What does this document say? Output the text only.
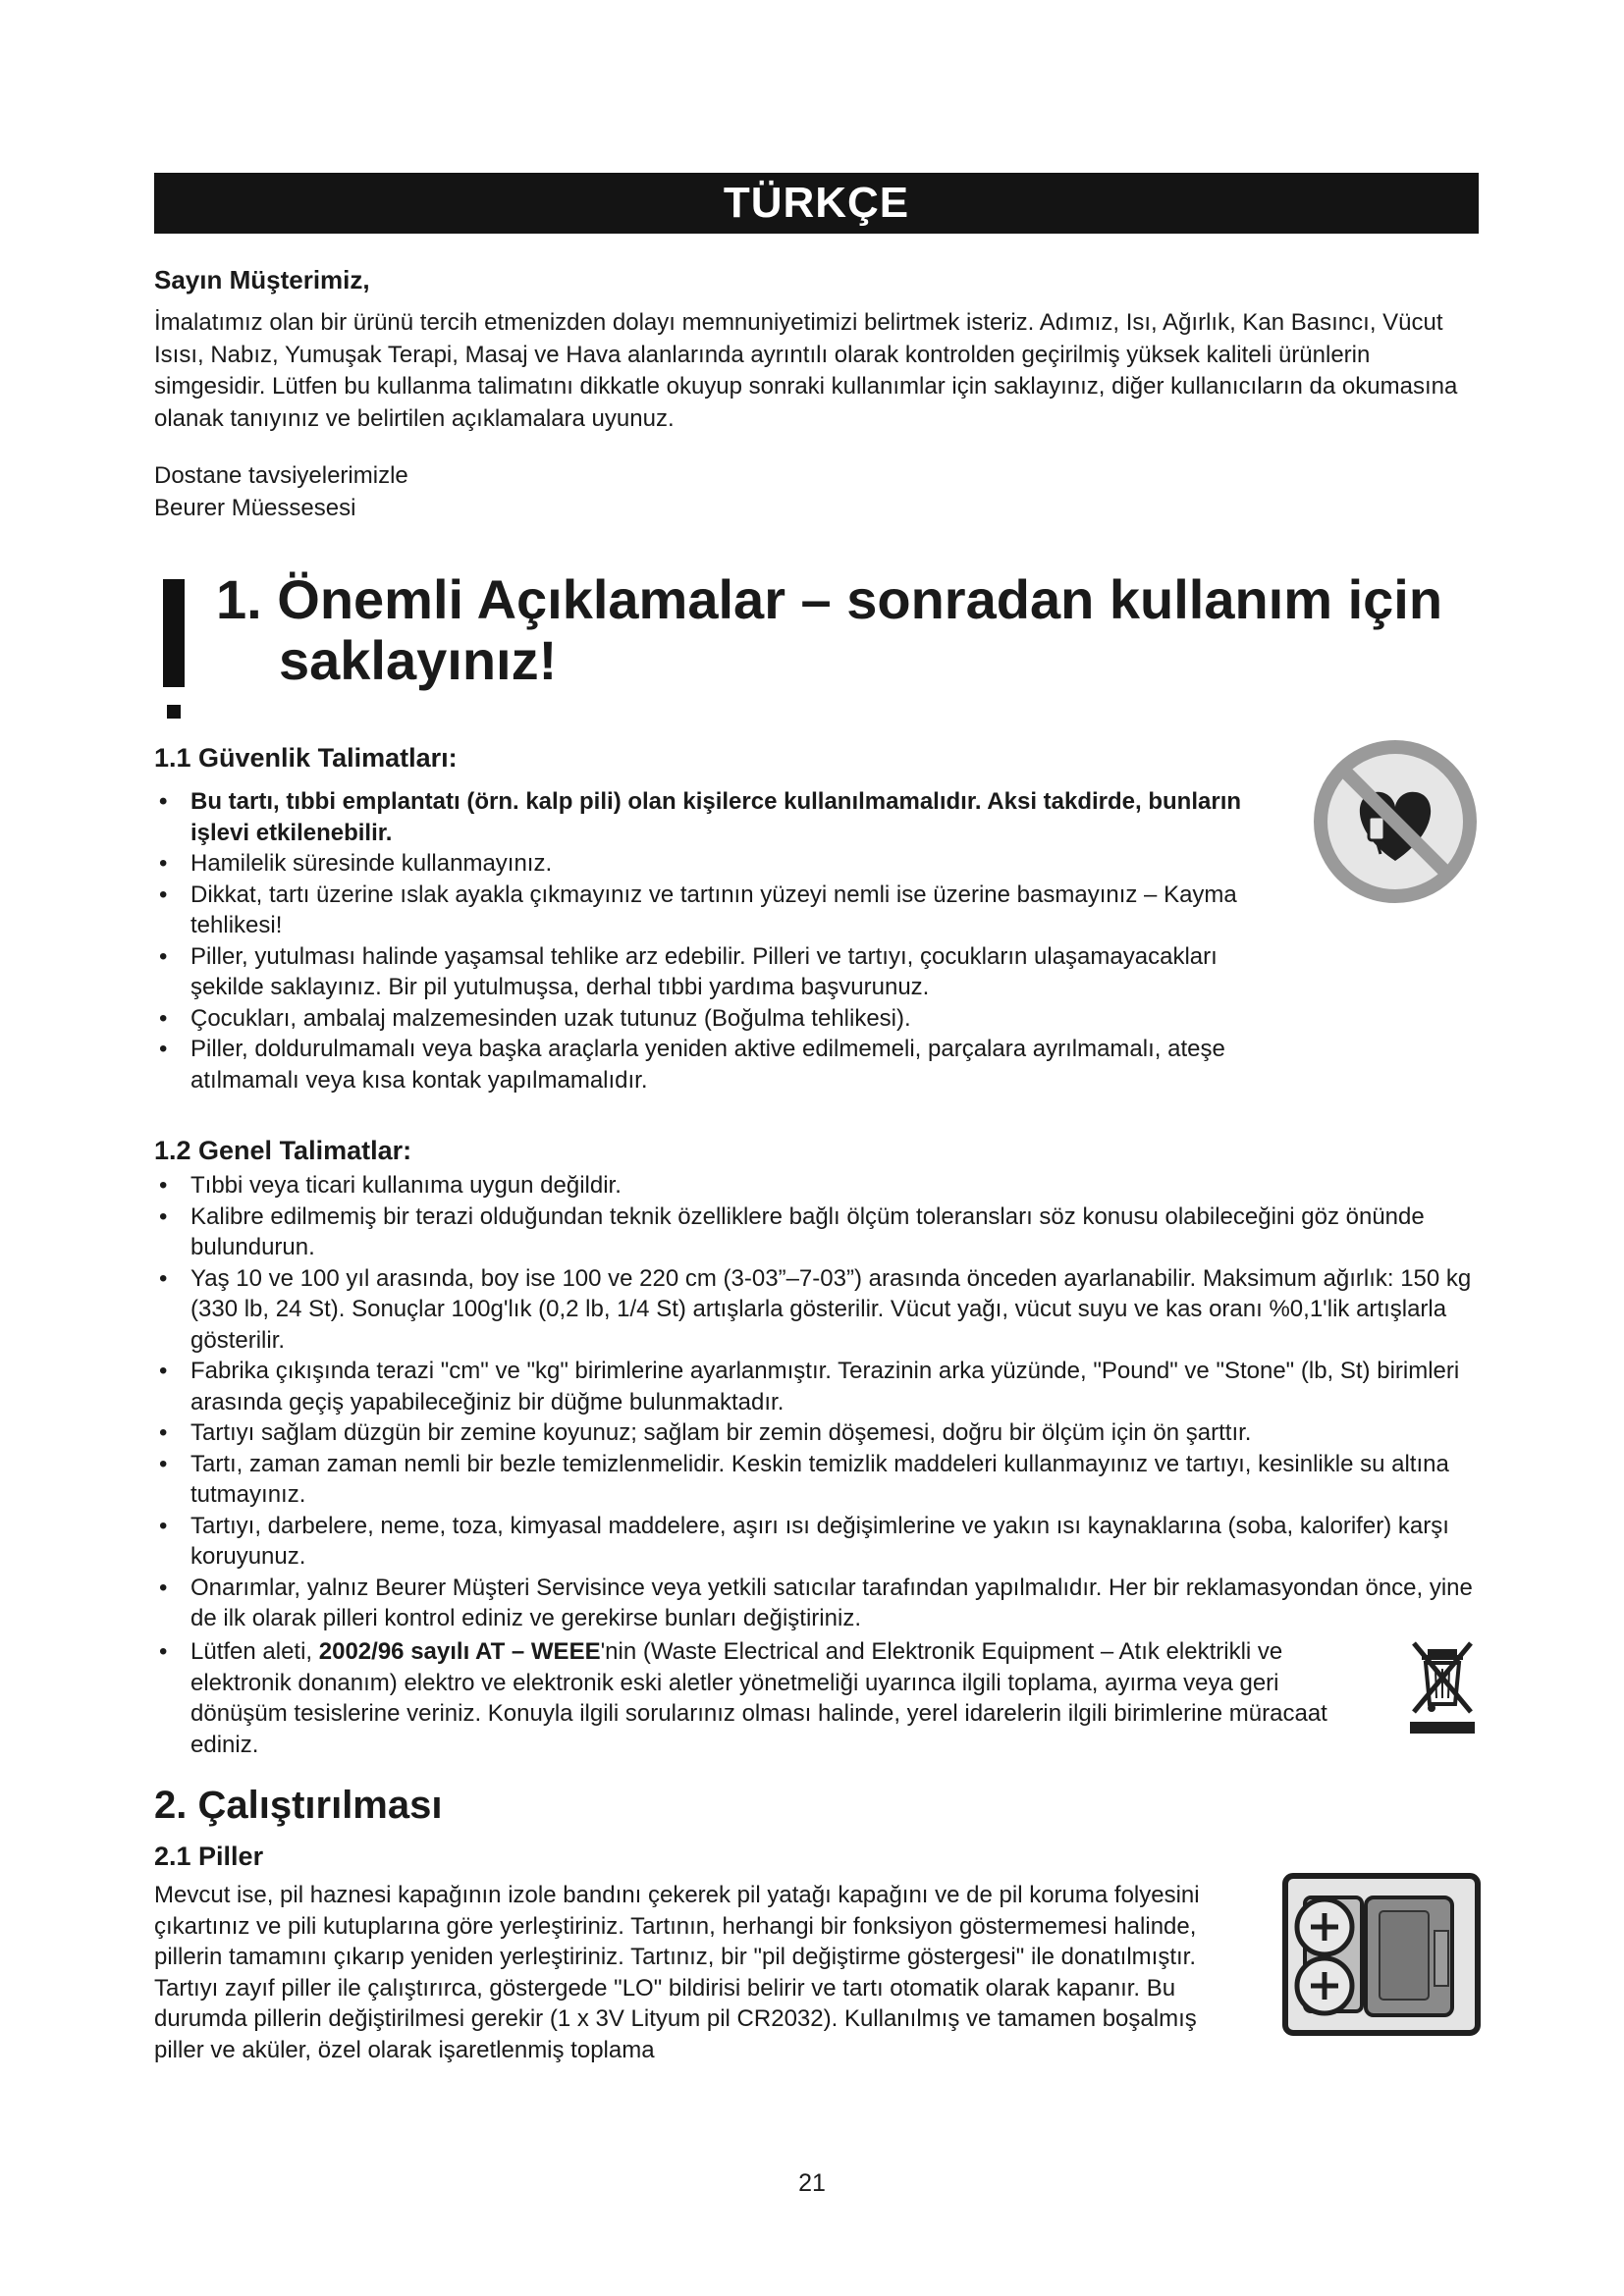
TÜRKÇE
Sayın Müşterimiz,
İmalatımız olan bir ürünü tercih etmenizden dolayı memnuniyetimizi belirtmek isteriz. Adımız, Isı, Ağırlık, Kan Basıncı, Vücut Isısı, Nabız, Yumuşak Terapi, Masaj ve Hava alanlarında ayrıntılı olarak kontrolden geçirilmiş yüksek kaliteli ürünlerin simgesidir. Lütfen bu kullanma talimatını dikkatle okuyup sonraki kullanımlar için saklayınız, diğer kullanıcıların da okumasına olanak tanıyınız ve belirtilen açıklamalara uyunuz.
Dostane tavsiyelerimizle
Beurer Müessesesi
1. Önemli Açıklamalar – sonradan kullanım için
saklayınız!
1.1 Güvenlik Talimatları:
• Bu tartı, tıbbi emplantatı (örn. kalp pili) olan kişilerce kullanılmamalıdır. Aksi takdirde, bunların işlevi etkilenebilir.
• Hamilelik süresinde kullanmayınız.
• Dikkat, tartı üzerine ıslak ayakla çıkmayınız ve tartının yüzeyi nemli ise üzerine basmayınız – Kayma tehlikesi!
• Piller, yutulması halinde yaşamsal tehlike arz edebilir. Pilleri ve tartıyı, çocukların ulaşamayacakları şekilde saklayınız. Bir pil yutulmuşsa, derhal tıbbi yardıma başvurunuz.
• Çocukları, ambalaj malzemesinden uzak tutunuz (Boğulma tehlikesi).
• Piller, doldurulmamalı veya başka araçlarla yeniden aktive edilmemeli, parçalara ayrılmamalı, ateşe atılmamalı veya kısa kontak yapılmamalıdır.
1.2 Genel Talimatlar:
• Tıbbi veya ticari kullanıma uygun değildir.
• Kalibre edilmemiş bir terazi olduğundan teknik özelliklere bağlı ölçüm toleransları söz konusu olabileceğini göz önünde bulundurun.
• Yaş 10 ve 100 yıl arasında, boy ise 100 ve 220 cm (3-03”–7-03”) arasında önceden ayarlanabilir. Maksimum ağırlık: 150 kg (330 lb, 24 St). Sonuçlar 100g'lık (0,2 lb, 1/4 St) artışlarla gösterilir. Vücut yağı, vücut suyu ve kas oranı %0,1'lik artışlarla gösterilir.
• Fabrika çıkışında terazi "cm" ve "kg" birimlerine ayarlanmıştır. Terazinin arka yüzünde, "Pound" ve "Stone" (lb, St) birimleri arasında geçiş yapabileceğiniz bir düğme bulunmaktadır.
• Tartıyı sağlam düzgün bir zemine koyunuz; sağlam bir zemin döşemesi, doğru bir ölçüm için ön şarttır.
• Tartı, zaman zaman nemli bir bezle temizlenmelidir. Keskin temizlik maddeleri kullanmayınız ve tartıyı, kesinlikle su altına tutmayınız.
• Tartıyı, darbelere, neme, toza, kimyasal maddelere, aşırı ısı değişimlerine ve yakın ısı kaynaklarına (soba, kalorifer) karşı koruyunuz.
• Onarımlar, yalnız Beurer Müşteri Servisince veya yetkili satıcılar tarafından yapılmalıdır. Her bir reklamasyondan önce, yine de ilk olarak pilleri kontrol ediniz ve gerekirse bunları değiştiriniz.
• Lütfen aleti, 2002/96 sayılı AT – WEEE'nin (Waste Electrical and Elektronik Equipment – Atık elektrikli ve elektronik donanım) elektro ve elektronik eski aletler yönetmeliği uyarınca ilgili toplama, ayırma veya geri dönüşüm tesislerine veriniz. Konuyla ilgili sorularınız olması halinde, yerel idarelerin ilgili birimlerine müracaat ediniz.
2. Çalıştırılması
2.1 Piller
Mevcut ise, pil haznesi kapağının izole bandını çekerek pil yatağı kapağını ve de pil koruma folyesini çıkartınız ve pili kutuplarına göre yerleştiriniz. Tartının, herhangi bir fonksiyon göstermemesi halinde, pillerin tamamını çıkarıp yeniden yerleştiriniz. Tartınız, bir "pil değiştirme göstergesi" ile donatılmıştır. Tartıyı zayıf piller ile çalıştırırca, göstergede "LO" bildirisi belirir ve tartı otomatik olarak kapanır. Bu durumda pillerin değiştirilmesi gerekir (1 x 3V Lityum pil CR2032). Kullanılmış ve tamamen boşalmış piller ve aküler, özel olarak işaretlenmiş toplama
21
